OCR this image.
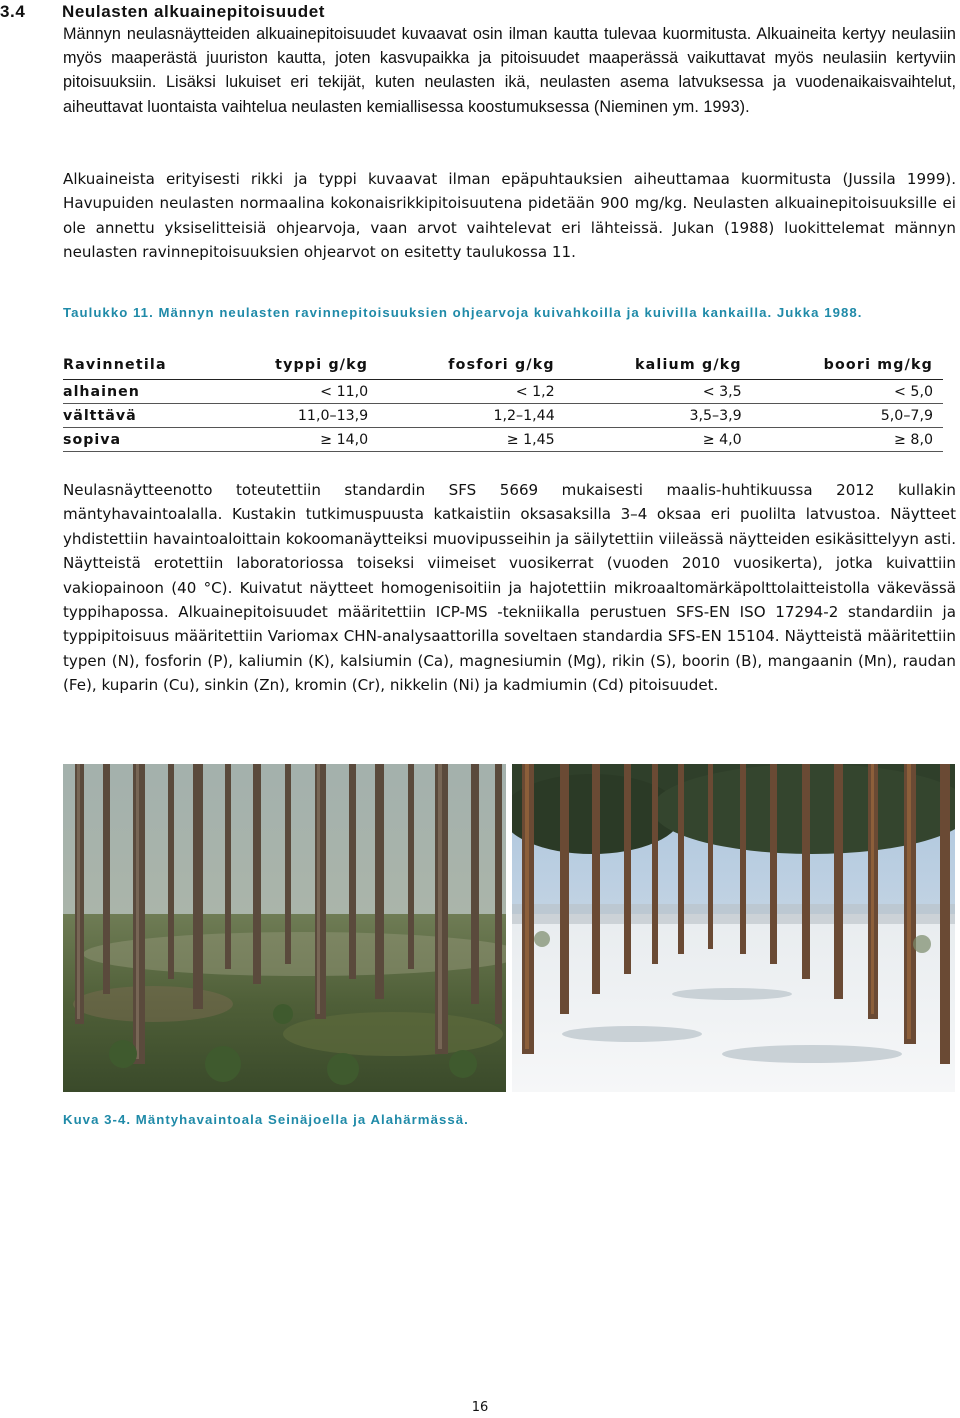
3.4 Neulasten alkuainepitoisuudet

Männyn neulasnäytteiden alkuainepitoisuudet kuvaavat osin ilman kautta tulevaa kuormitusta. Alkuaineita kertyy neulasiin myös maaperästä juuriston kautta, joten kasvupaikka ja pitoisuudet maaperässä vaikuttavat myös neulasiin kertyviin pitoisuuksiin. Lisäksi lukuiset eri tekijät, kuten neulasten ikä, neulasten asema latvuksessa ja vuodenaikaisvaihtelut, aiheuttavat luontaista vaihtelua neulasten kemiallisessa koostumuksessa (Nieminen ym. 1993).

Alkuaineista erityisesti rikki ja typpi kuvaavat ilman epäpuhtauksien aiheuttamaa kuormitusta (Jussila 1999). Havupuiden neulasten normaalina kokonaisrikkipitoisuutena pidetään 900 mg/kg. Neulasten alkuainepitoisuuksille ei ole annettu yksiselitteisiä ohjearvoja, vaan arvot vaihtelevat eri lähteissä. Jukan (1988) luokittelemat männyn neulasten ravinnepitoisuuksien ohjearvot on esitetty taulukossa 11.

Taulukko 11. Männyn neulasten ravinnepitoisuuksien ohjearvoja kuivahkoilla ja kuivilla kankailla. Jukka 1988.

Ravinnetila	typpi g/kg	fosfori g/kg	kalium g/kg	boori mg/kg
alhainen	< 11,0	< 1,2	< 3,5	< 5,0
välttävä	11,0–13,9	1,2–1,44	3,5–3,9	5,0–7,9
sopiva	≥ 14,0	≥ 1,45	≥ 4,0	≥ 8,0

Neulasnäytteenotto toteutettiin standardin SFS 5669 mukaisesti maalis-huhtikuussa 2012 kullakin mäntyhavaintoalalla. Kustakin tutkimuspuusta katkaistiin oksasaksilla 3–4 oksaa eri puolilta latvustoa. Näytteet yhdistettiin havaintoaloittain kokoomanäytteiksi muovipusseihin ja säilytettiin viileässä näytteiden esikäsittelyyn asti. Näytteistä erotettiin laboratoriossa toiseksi viimeiset vuosikerrat (vuoden 2010 vuosikerta), jotka kuivattiin vakiopainoon (40 °C). Kuivatut näytteet homogenisoitiin ja hajotettiin mikroaaltomärkäpolttolaitteistolla väkevässä typpihapossa. Alkuainepitoisuudet määritettiin ICP-MS -tekniikalla perustuen SFS-EN ISO 17294-2 standardiin ja typpipitoisuus määritettiin Variomax CHN-analysaattorilla soveltaen standardia SFS-EN 15104. Näytteistä määritettiin typen (N), fosforin (P), kaliumin (K), kalsiumin (Ca), magnesiumin (Mg), rikin (S), boorin (B), mangaanin (Mn), raudan (Fe), kuparin (Cu), sinkin (Zn), kromin (Cr), nikkelin (Ni) ja kadmiumin (Cd) pitoisuudet.

Kuva 3-4. Mäntyhavaintoala Seinäjoella ja Alahärmässä.

16
